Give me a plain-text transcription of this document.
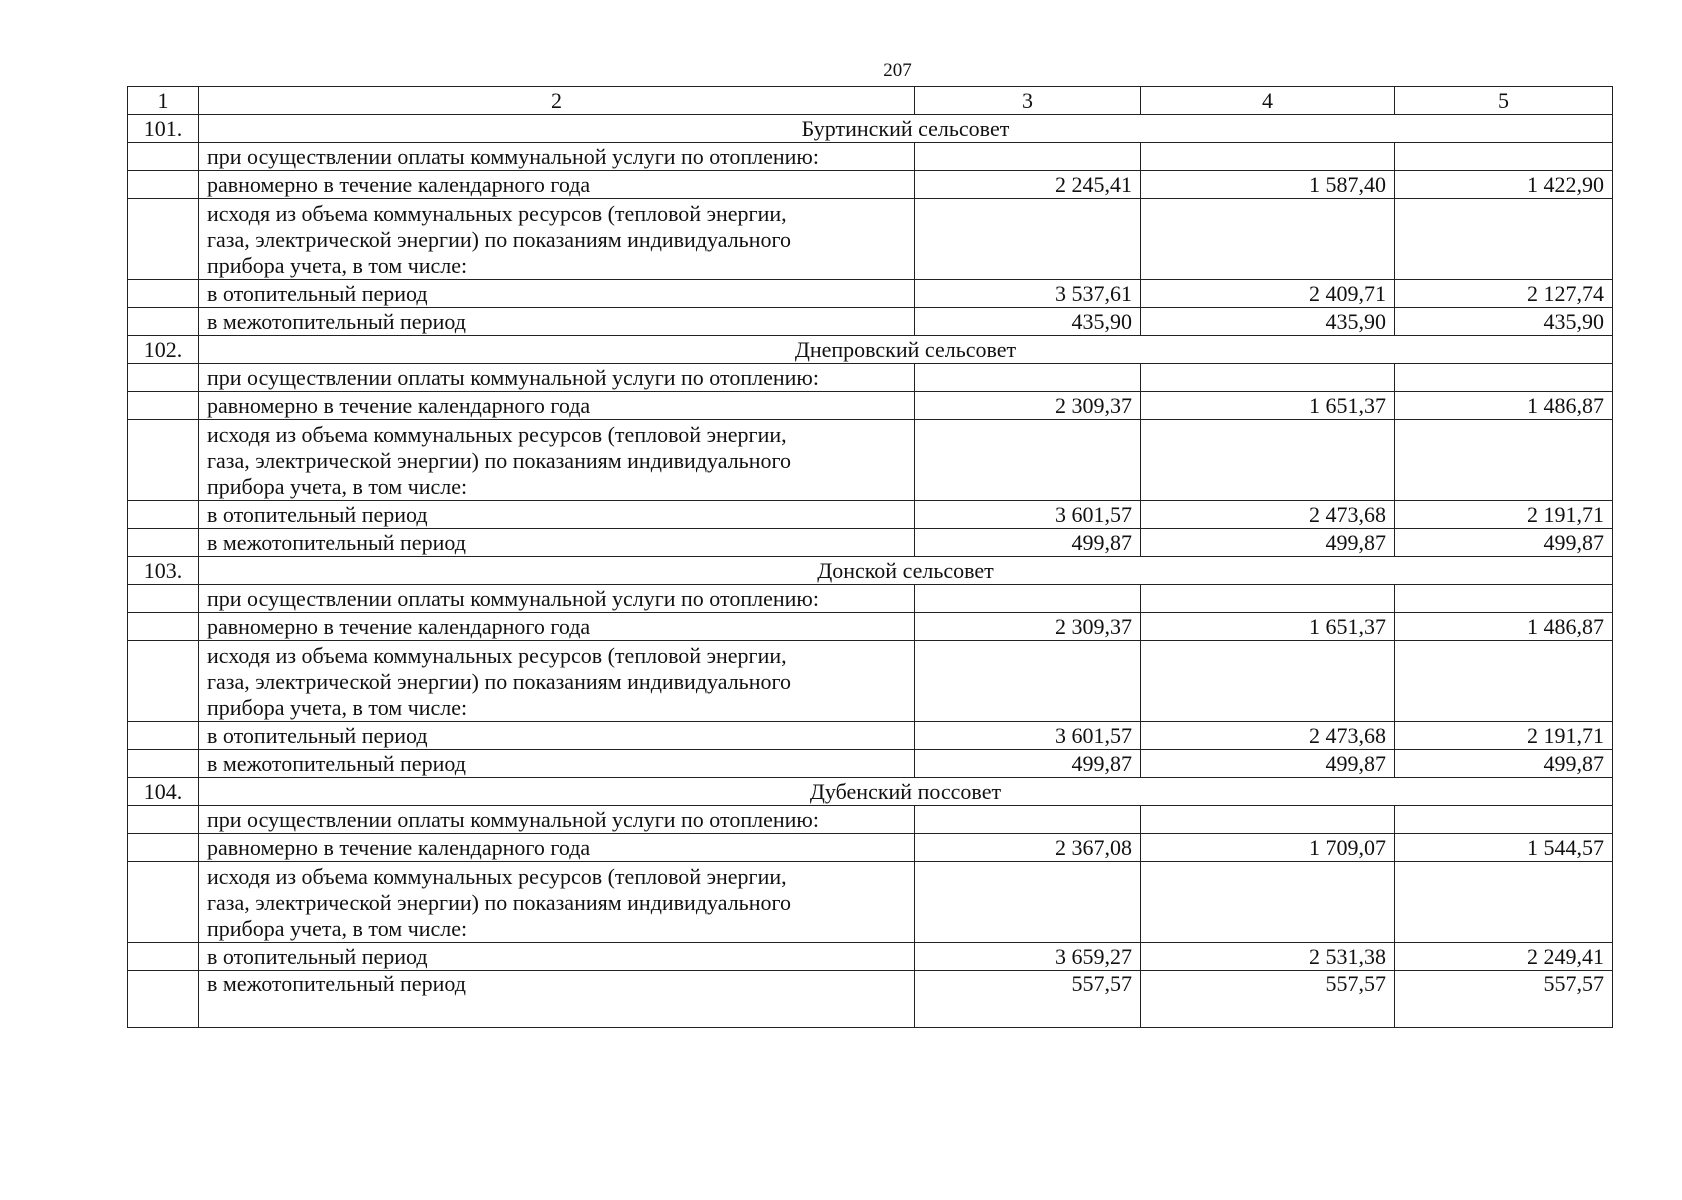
207
1	2	3	4	5
101.	Буртинский сельсовет			
	при осуществлении оплаты коммунальной услуги по отоплению:			
	равномерно в течение календарного года	2 245,41	1 587,40	1 422,90

	исходя из объема коммунальных ресурсов (тепловой энергии,
газа, электрической энергии) по показаниям индивидуального
прибора учета, в том числе:			

	в отопительный период	3 537,61	2 409,71	2 127,74
	в межотопительный период	435,90	435,90	435,90
102.	Днепровский сельсовет			
	при осуществлении оплаты коммунальной услуги по отоплению:			
	равномерно в течение календарного года	2 309,37	1 651,37	1 486,87

	исходя из объема коммунальных ресурсов (тепловой энергии,
газа, электрической энергии) по показаниям индивидуального
прибора учета, в том числе:			

	в отопительный период	3 601,57	2 473,68	2 191,71
	в межотопительный период	499,87	499,87	499,87
103.	Донской сельсовет			
	при осуществлении оплаты коммунальной услуги по отоплению:			
	равномерно в течение календарного года	2 309,37	1 651,37	1 486,87

	исходя из объема коммунальных ресурсов (тепловой энергии,
газа, электрической энергии) по показаниям индивидуального
прибора учета, в том числе:			

	в отопительный период	3 601,57	2 473,68	2 191,71
	в межотопительный период	499,87	499,87	499,87
104.	Дубенский поссовет			
	при осуществлении оплаты коммунальной услуги по отоплению:			
	равномерно в течение календарного года	2 367,08	1 709,07	1 544,57

	исходя из объема коммунальных ресурсов (тепловой энергии,
газа, электрической энергии) по показаниям индивидуального
прибора учета, в том числе:			

	в отопительный период	3 659,27	2 531,38	2 249,41
	в межотопительный период	557,57	557,57	557,57
